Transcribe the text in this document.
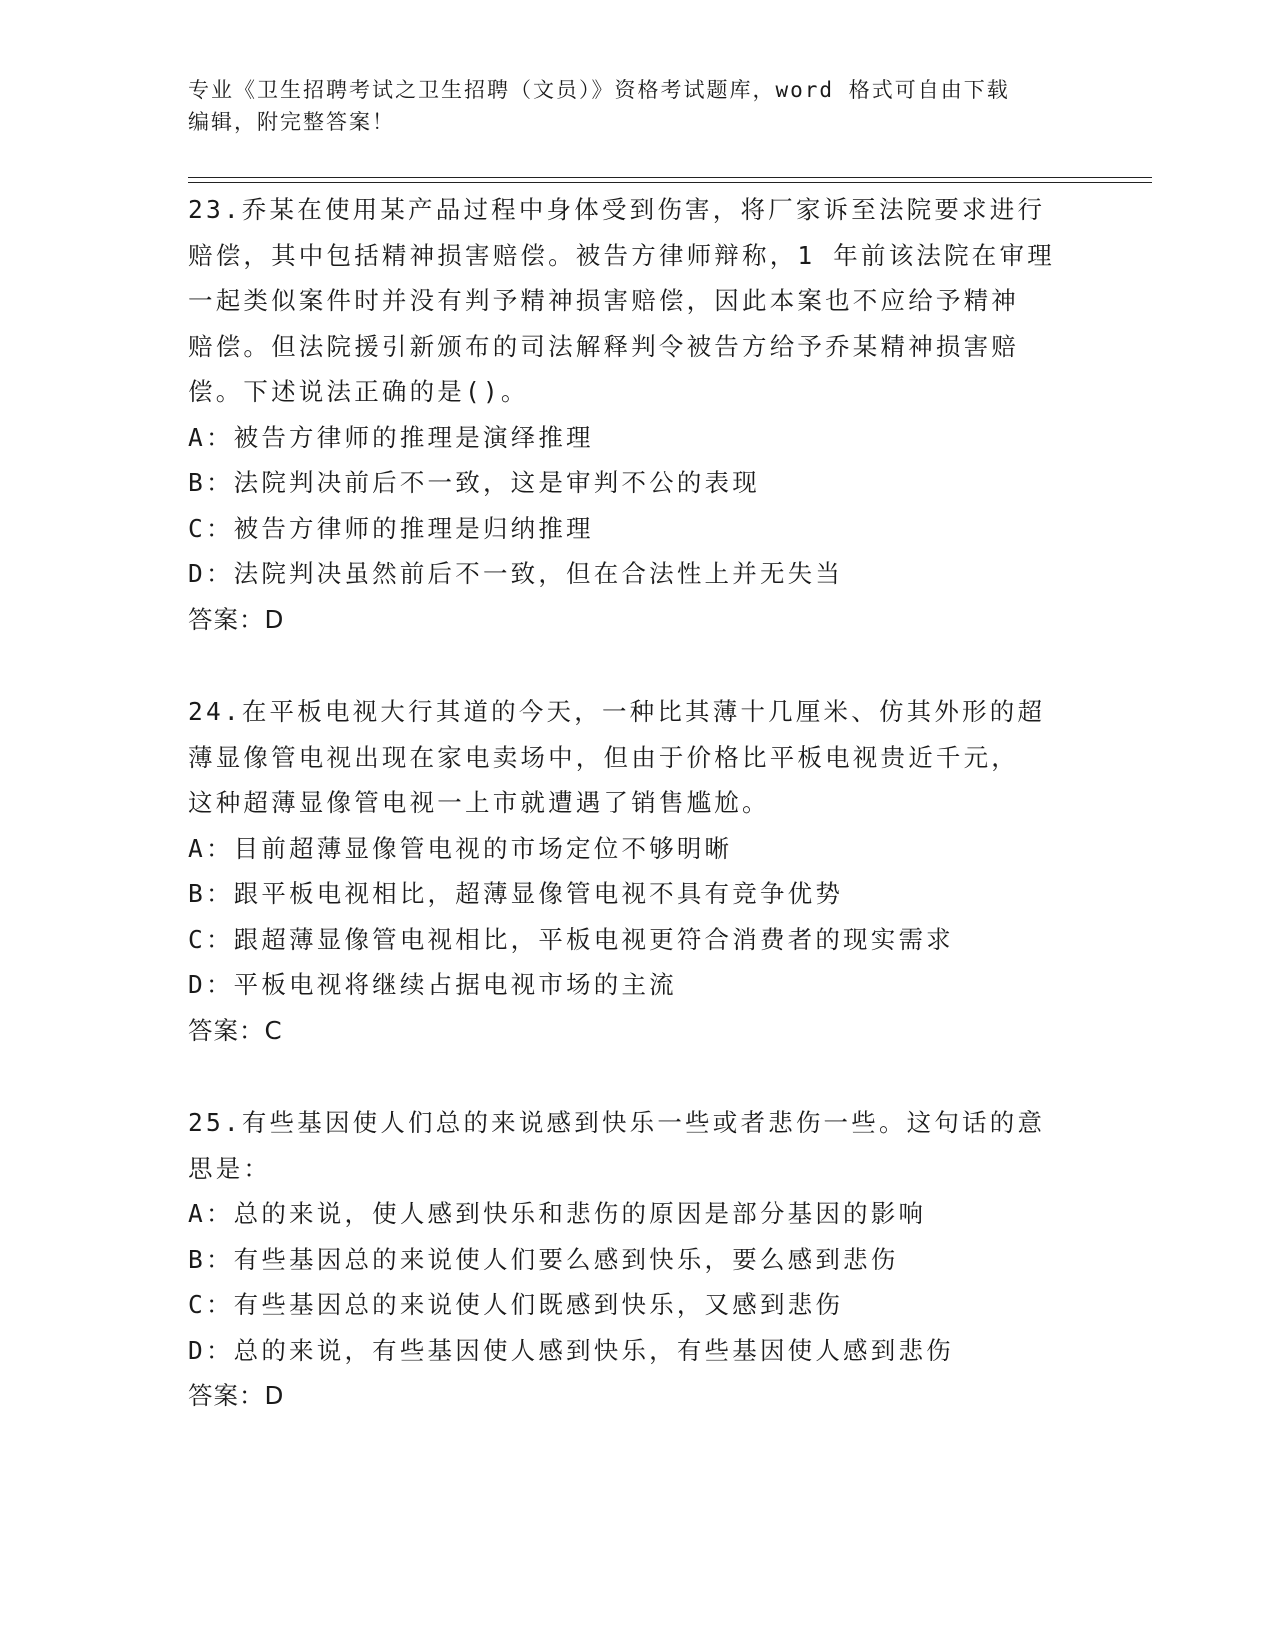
专业《卫生招聘考试之卫生招聘（文员）》资格考试题库，word 格式可自由下载
编辑，附完整答案！

23.乔某在使用某产品过程中身体受到伤害，将厂家诉至法院要求进行

赔偿，其中包括精神损害赔偿。被告方律师辩称，1 年前该法院在审理

一起类似案件时并没有判予精神损害赔偿，因此本案也不应给予精神

赔偿。但法院援引新颁布的司法解释判令被告方给予乔某精神损害赔

偿。下述说法正确的是()。

A：被告方律师的推理是演绎推理

B：法院判决前后不一致，这是审判不公的表现

C：被告方律师的推理是归纳推理

D：法院判决虽然前后不一致，但在合法性上并无失当

答案：D

24.在平板电视大行其道的今天，一种比其薄十几厘米、仿其外形的超

薄显像管电视出现在家电卖场中，但由于价格比平板电视贵近千元，

这种超薄显像管电视一上市就遭遇了销售尴尬。

A：目前超薄显像管电视的市场定位不够明晰

B：跟平板电视相比，超薄显像管电视不具有竞争优势

C：跟超薄显像管电视相比，平板电视更符合消费者的现实需求

D：平板电视将继续占据电视市场的主流

答案：C

25.有些基因使人们总的来说感到快乐一些或者悲伤一些。这句话的意

思是：

A：总的来说，使人感到快乐和悲伤的原因是部分基因的影响

B：有些基因总的来说使人们要么感到快乐，要么感到悲伤

C：有些基因总的来说使人们既感到快乐，又感到悲伤

D：总的来说，有些基因使人感到快乐，有些基因使人感到悲伤

答案：D
